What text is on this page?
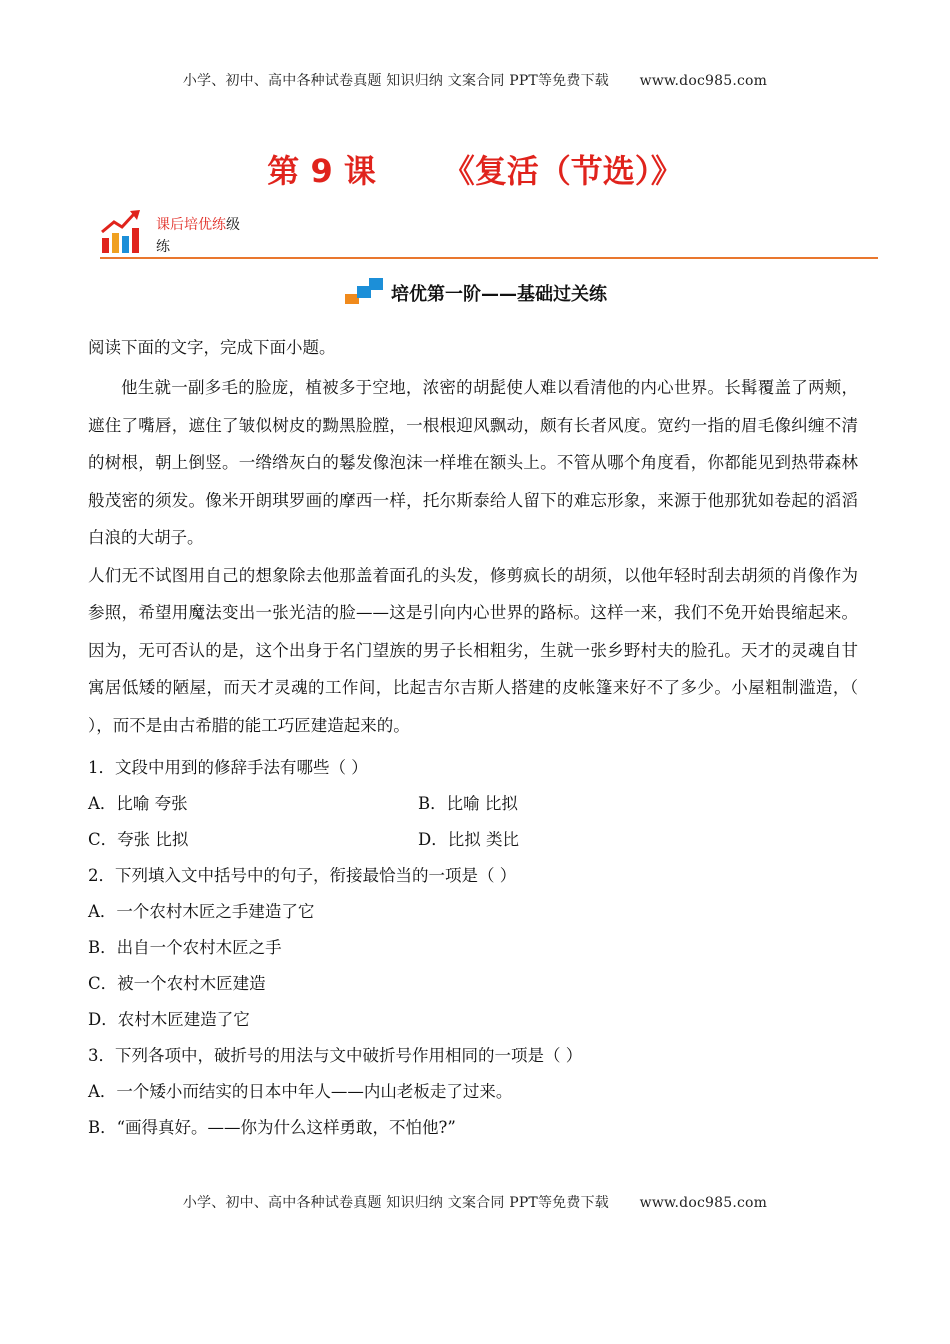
小学、初中、高中各种试卷真题 知识归纳 文案合同 PPT等免费下载 www.doc985.com
第 9 课      《复活（节选）》
课后培优练级
练
培优第一阶——基础过关练
阅读下面的文字，完成下面小题。
他生就一副多毛的脸庞，植被多于空地，浓密的胡髭使人难以看清他的内心世界。长髯覆盖了两颊，遮住了嘴唇，遮住了皱似树皮的黝黑脸膛，一根根迎风飘动，颇有长者风度。宽约一指的眉毛像纠缠不清的树根，朝上倒竖。一绺绺灰白的鬈发像泡沫一样堆在额头上。不管从哪个角度看，你都能见到热带森林般茂密的须发。像米开朗琪罗画的摩西一样，托尔斯泰给人留下的难忘形象，来源于他那犹如卷起的滔滔白浪的大胡子。
人们无不试图用自己的想象除去他那盖着面孔的头发，修剪疯长的胡须，以他年轻时刮去胡须的肖像作为参照，希望用魔法变出一张光洁的脸——这是引向内心世界的路标。这样一来，我们不免开始畏缩起来。因为，无可否认的是，这个出身于名门望族的男子长相粗劣，生就一张乡野村夫的脸孔。天才的灵魂自甘寓居低矮的陋屋，而天才灵魂的工作间，比起吉尔吉斯人搭建的皮帐篷来好不了多少。小屋粗制滥造，（ ），而不是由古希腊的能工巧匠建造起来的。
1．文段中用到的修辞手法有哪些（ ）
A．比喻 夸张	B．比喻 比拟
C．夸张 比拟	D．比拟 类比
2．下列填入文中括号中的句子，衔接最恰当的一项是（ ）
A．一个农村木匠之手建造了它
B．出自一个农村木匠之手
C．被一个农村木匠建造
D．农村木匠建造了它
3．下列各项中，破折号的用法与文中破折号作用相同的一项是（ ）
A．一个矮小而结实的日本中年人——内山老板走了过来。
B．“画得真好。——你为什么这样勇敢，不怕他?”
小学、初中、高中各种试卷真题 知识归纳 文案合同 PPT等免费下载 www.doc985.com
